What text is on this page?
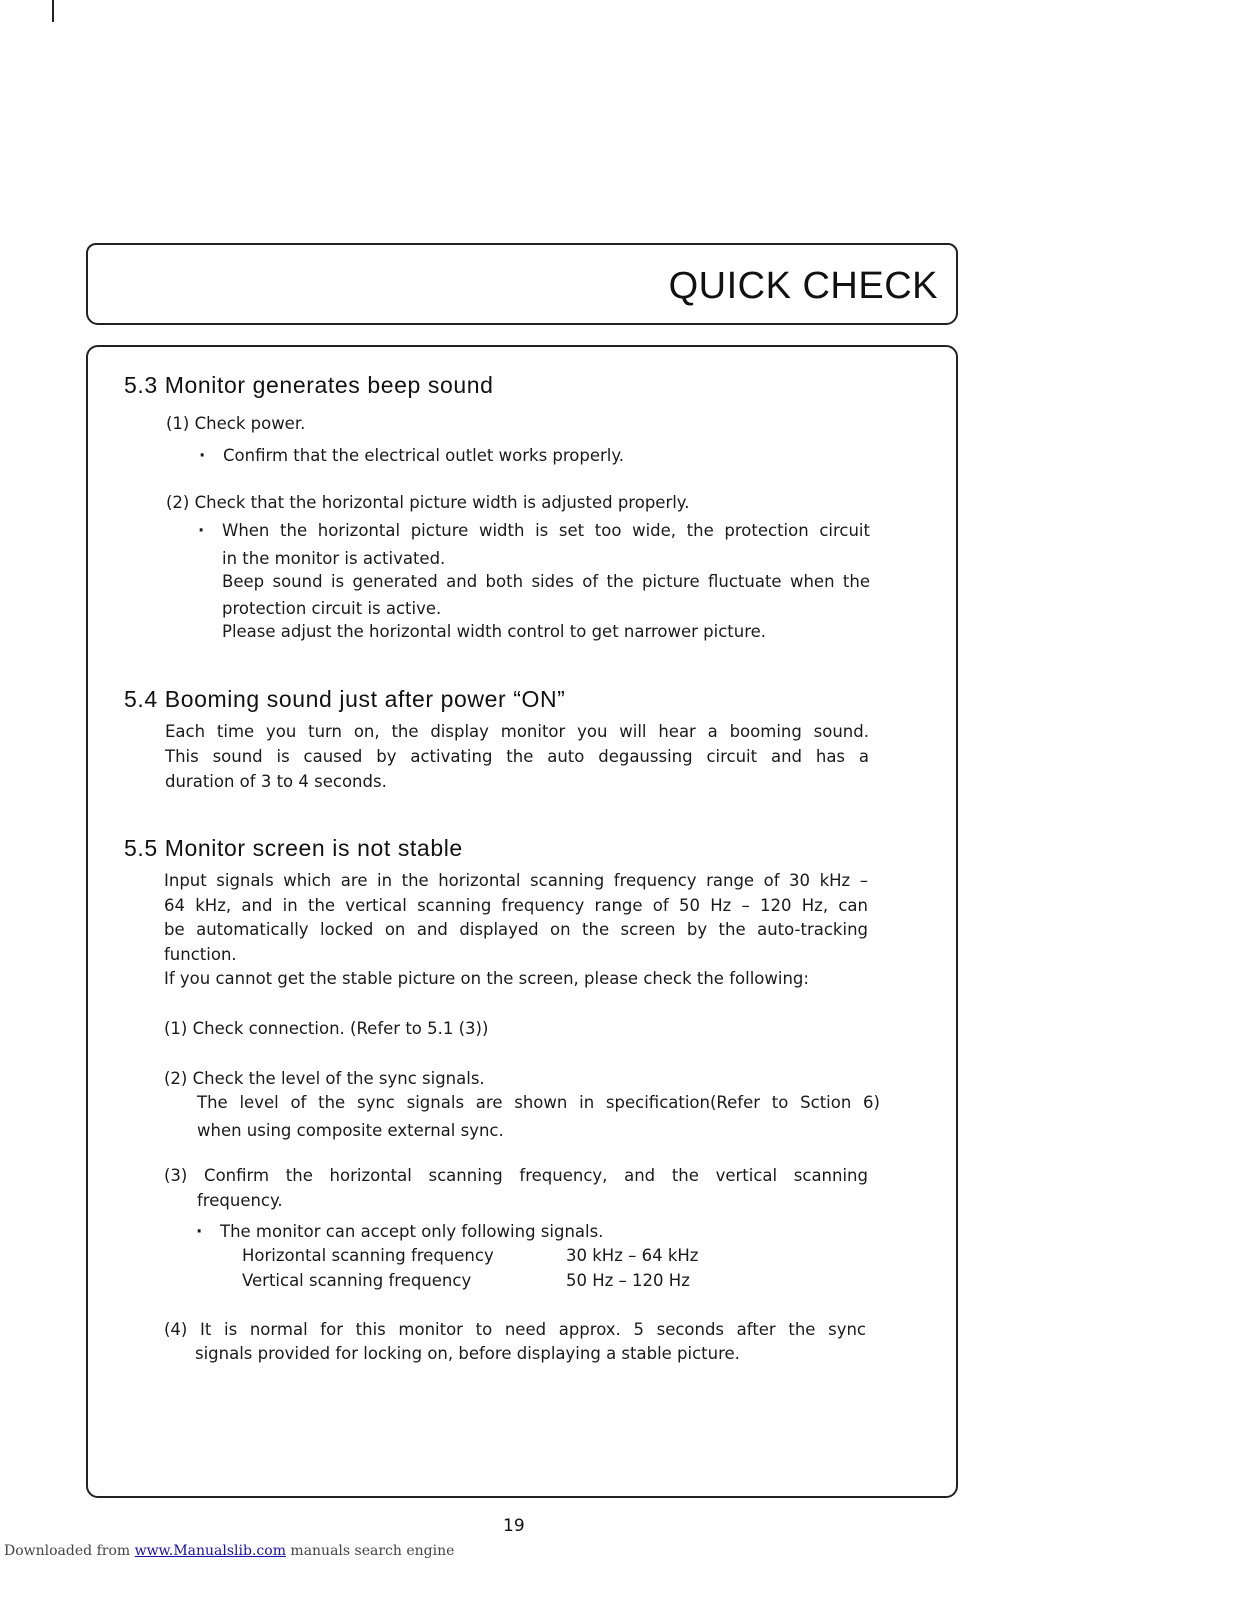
QUICK CHECK
5.3 Monitor generates beep sound
(1) Check power.
· Confirm that the electrical outlet works properly.
(2) Check that the horizontal picture width is adjusted properly.
· When the horizontal picture width is set too wide, the protection circuit
in the monitor is activated.
Beep sound is generated and both sides of the picture fluctuate when the
protection circuit is active.
Please adjust the horizontal width control to get narrower picture.
5.4 Booming sound just after power “ON”
Each time you turn on, the display monitor you will hear a booming sound.
This sound is caused by activating the auto degaussing circuit and has a
duration of 3 to 4 seconds.
5.5 Monitor screen is not stable
Input signals which are in the horizontal scanning frequency range of 30 kHz –
64 kHz, and in the vertical scanning frequency range of 50 Hz – 120 Hz, can
be automatically locked on and displayed on the screen by the auto-tracking
function.
If you cannot get the stable picture on the screen, please check the following:
(1) Check connection. (Refer to 5.1 (3))
(2) Check the level of the sync signals.
The level of the sync signals are shown in specification(Refer to Sction 6)
when using composite external sync.
(3) Confirm the horizontal scanning frequency, and the vertical scanning
frequency.
· The monitor can accept only following signals.
Horizontal scanning frequency	30 kHz – 64 kHz
Vertical scanning frequency	50 Hz – 120 Hz
(4) It is normal for this monitor to need approx. 5 seconds after the sync
signals provided for locking on, before displaying a stable picture.
19
Downloaded from www.Manualslib.com manuals search engine
